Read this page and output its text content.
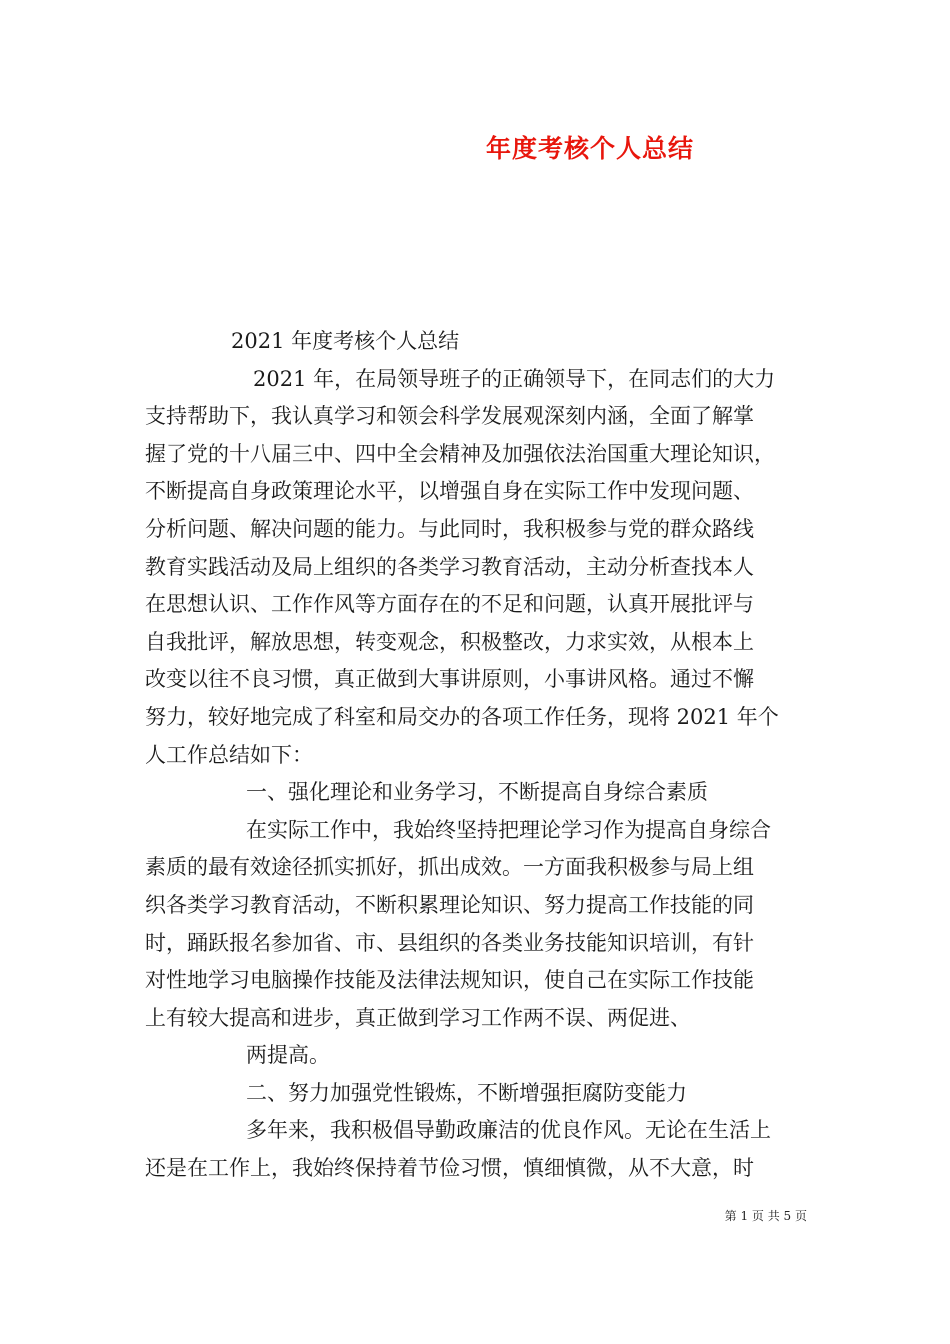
年度考核个人总结
2021 年度考核个人总结
2021 年，在局领导班子的正确领导下，在同志们的大力
支持帮助下，我认真学习和领会科学发展观深刻内涵，全面了解掌
握了党的十八届三中、四中全会精神及加强依法治国重大理论知识，
不断提高自身政策理论水平，以增强自身在实际工作中发现问题、
分析问题、解决问题的能力。与此同时，我积极参与党的群众路线
教育实践活动及局上组织的各类学习教育活动，主动分析查找本人
在思想认识、工作作风等方面存在的不足和问题，认真开展批评与
自我批评，解放思想，转变观念，积极整改，力求实效，从根本上
改变以往不良习惯，真正做到大事讲原则，小事讲风格。通过不懈
努力，较好地完成了科室和局交办的各项工作任务，现将 2021 年个
人工作总结如下：
一、强化理论和业务学习，不断提高自身综合素质
在实际工作中，我始终坚持把理论学习作为提高自身综合
素质的最有效途径抓实抓好，抓出成效。一方面我积极参与局上组
织各类学习教育活动，不断积累理论知识、努力提高工作技能的同
时，踊跃报名参加省、市、县组织的各类业务技能知识培训，有针
对性地学习电脑操作技能及法律法规知识，使自己在实际工作技能
上有较大提高和进步，真正做到学习工作两不误、两促进、
两提高。
二、努力加强党性锻炼，不断增强拒腐防变能力
多年来，我积极倡导勤政廉洁的优良作风。无论在生活上
还是在工作上，我始终保持着节俭习惯，慎细慎微，从不大意，时
第 1 页 共 5 页
